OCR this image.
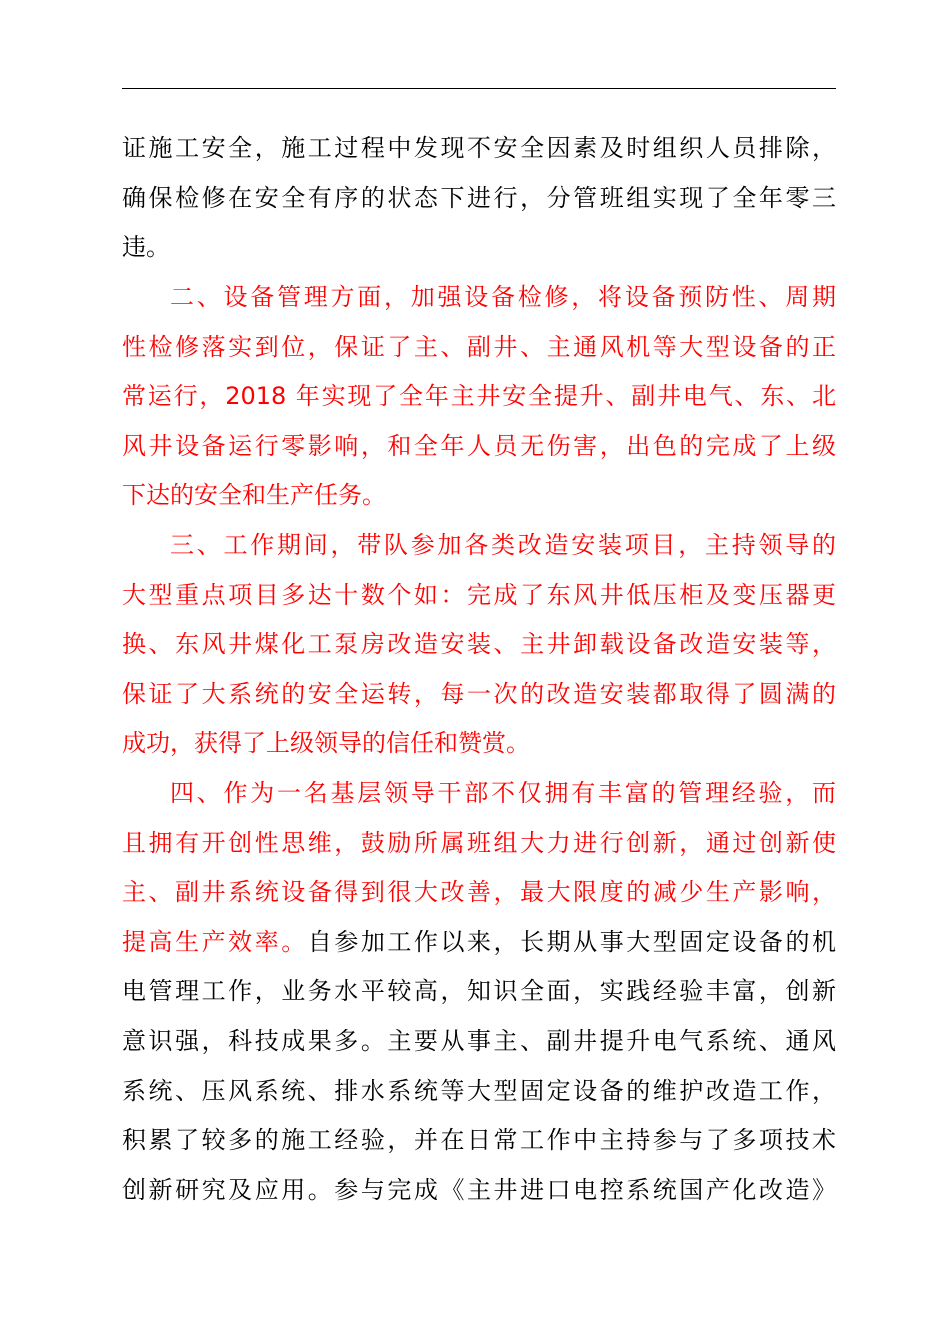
证施工安全，施工过程中发现不安全因素及时组织人员排除，
确保检修在安全有序的状态下进行，分管班组实现了全年零三
违。
二、设备管理方面，加强设备检修，将设备预防性、周期
性检修落实到位，保证了主、副井、主通风机等大型设备的正
常运行，2018 年实现了全年主井安全提升、副井电气、东、北
风井设备运行零影响，和全年人员无伤害，出色的完成了上级
下达的安全和生产任务。
三、工作期间，带队参加各类改造安装项目，主持领导的
大型重点项目多达十数个如：完成了东风井低压柜及变压器更
换、东风井煤化工泵房改造安装、主井卸载设备改造安装等，
保证了大系统的安全运转，每一次的改造安装都取得了圆满的
成功，获得了上级领导的信任和赞赏。
四、作为一名基层领导干部不仅拥有丰富的管理经验，而
且拥有开创性思维，鼓励所属班组大力进行创新，通过创新使
主、副井系统设备得到很大改善，最大限度的减少生产影响，
提高生产效率。自参加工作以来，长期从事大型固定设备的机
电管理工作，业务水平较高，知识全面，实践经验丰富，创新
意识强，科技成果多。主要从事主、副井提升电气系统、通风
系统、压风系统、排水系统等大型固定设备的维护改造工作，
积累了较多的施工经验，并在日常工作中主持参与了多项技术
创新研究及应用。参与完成《主井进口电控系统国产化改造》
